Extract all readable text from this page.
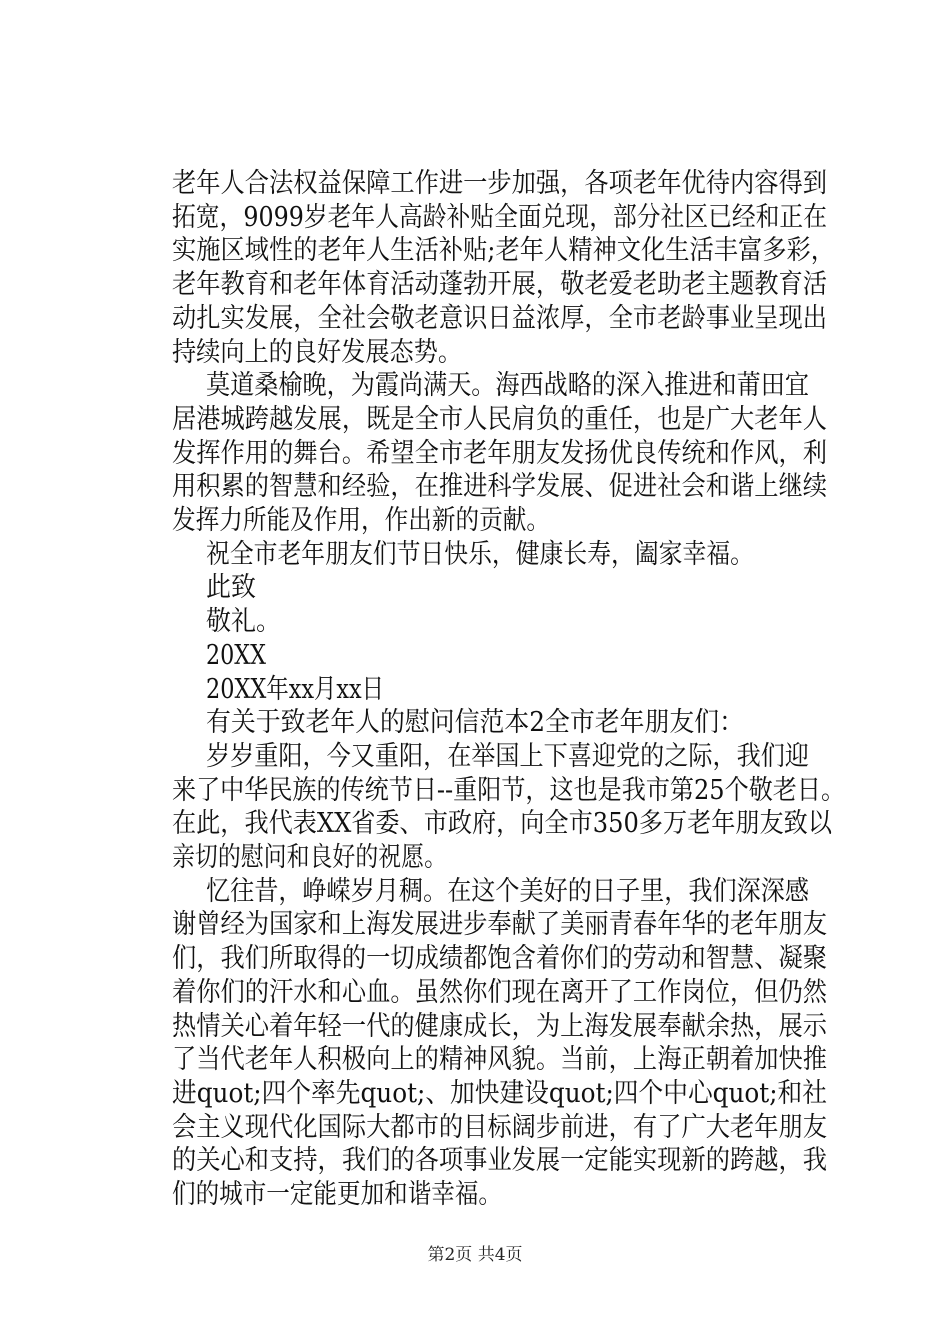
老年人合法权益保障工作进一步加强，各项老年优待内容得到
拓宽，9099岁老年人高龄补贴全面兑现，部分社区已经和正在
实施区域性的老年人生活补贴;老年人精神文化生活丰富多彩，
老年教育和老年体育活动蓬勃开展，敬老爱老助老主题教育活
动扎实发展，全社会敬老意识日益浓厚，全市老龄事业呈现出
持续向上的良好发展态势。
莫道桑榆晚，为霞尚满天。海西战略的深入推进和莆田宜
居港城跨越发展，既是全市人民肩负的重任，也是广大老年人
发挥作用的舞台。希望全市老年朋友发扬优良传统和作风，利
用积累的智慧和经验，在推进科学发展、促进社会和谐上继续
发挥力所能及作用，作出新的贡献。
祝全市老年朋友们节日快乐，健康长寿，阖家幸福。
此致
敬礼。
20XX
20XX年xx月xx日
有关于致老年人的慰问信范本2全市老年朋友们：
岁岁重阳，今又重阳，在举国上下喜迎党的之际，我们迎
来了中华民族的传统节日--重阳节，这也是我市第25个敬老日。
在此，我代表XX省委、市政府，向全市350多万老年朋友致以
亲切的慰问和良好的祝愿。
忆往昔，峥嵘岁月稠。在这个美好的日子里，我们深深感
谢曾经为国家和上海发展进步奉献了美丽青春年华的老年朋友
们，我们所取得的一切成绩都饱含着你们的劳动和智慧、凝聚
着你们的汗水和心血。虽然你们现在离开了工作岗位，但仍然
热情关心着年轻一代的健康成长，为上海发展奉献余热，展示
了当代老年人积极向上的精神风貌。当前，上海正朝着加快推
进quot;四个率先quot;、加快建设quot;四个中心quot;和社
会主义现代化国际大都市的目标阔步前进，有了广大老年朋友
的关心和支持，我们的各项事业发展一定能实现新的跨越，我
们的城市一定能更加和谐幸福。
第2页 共4页
